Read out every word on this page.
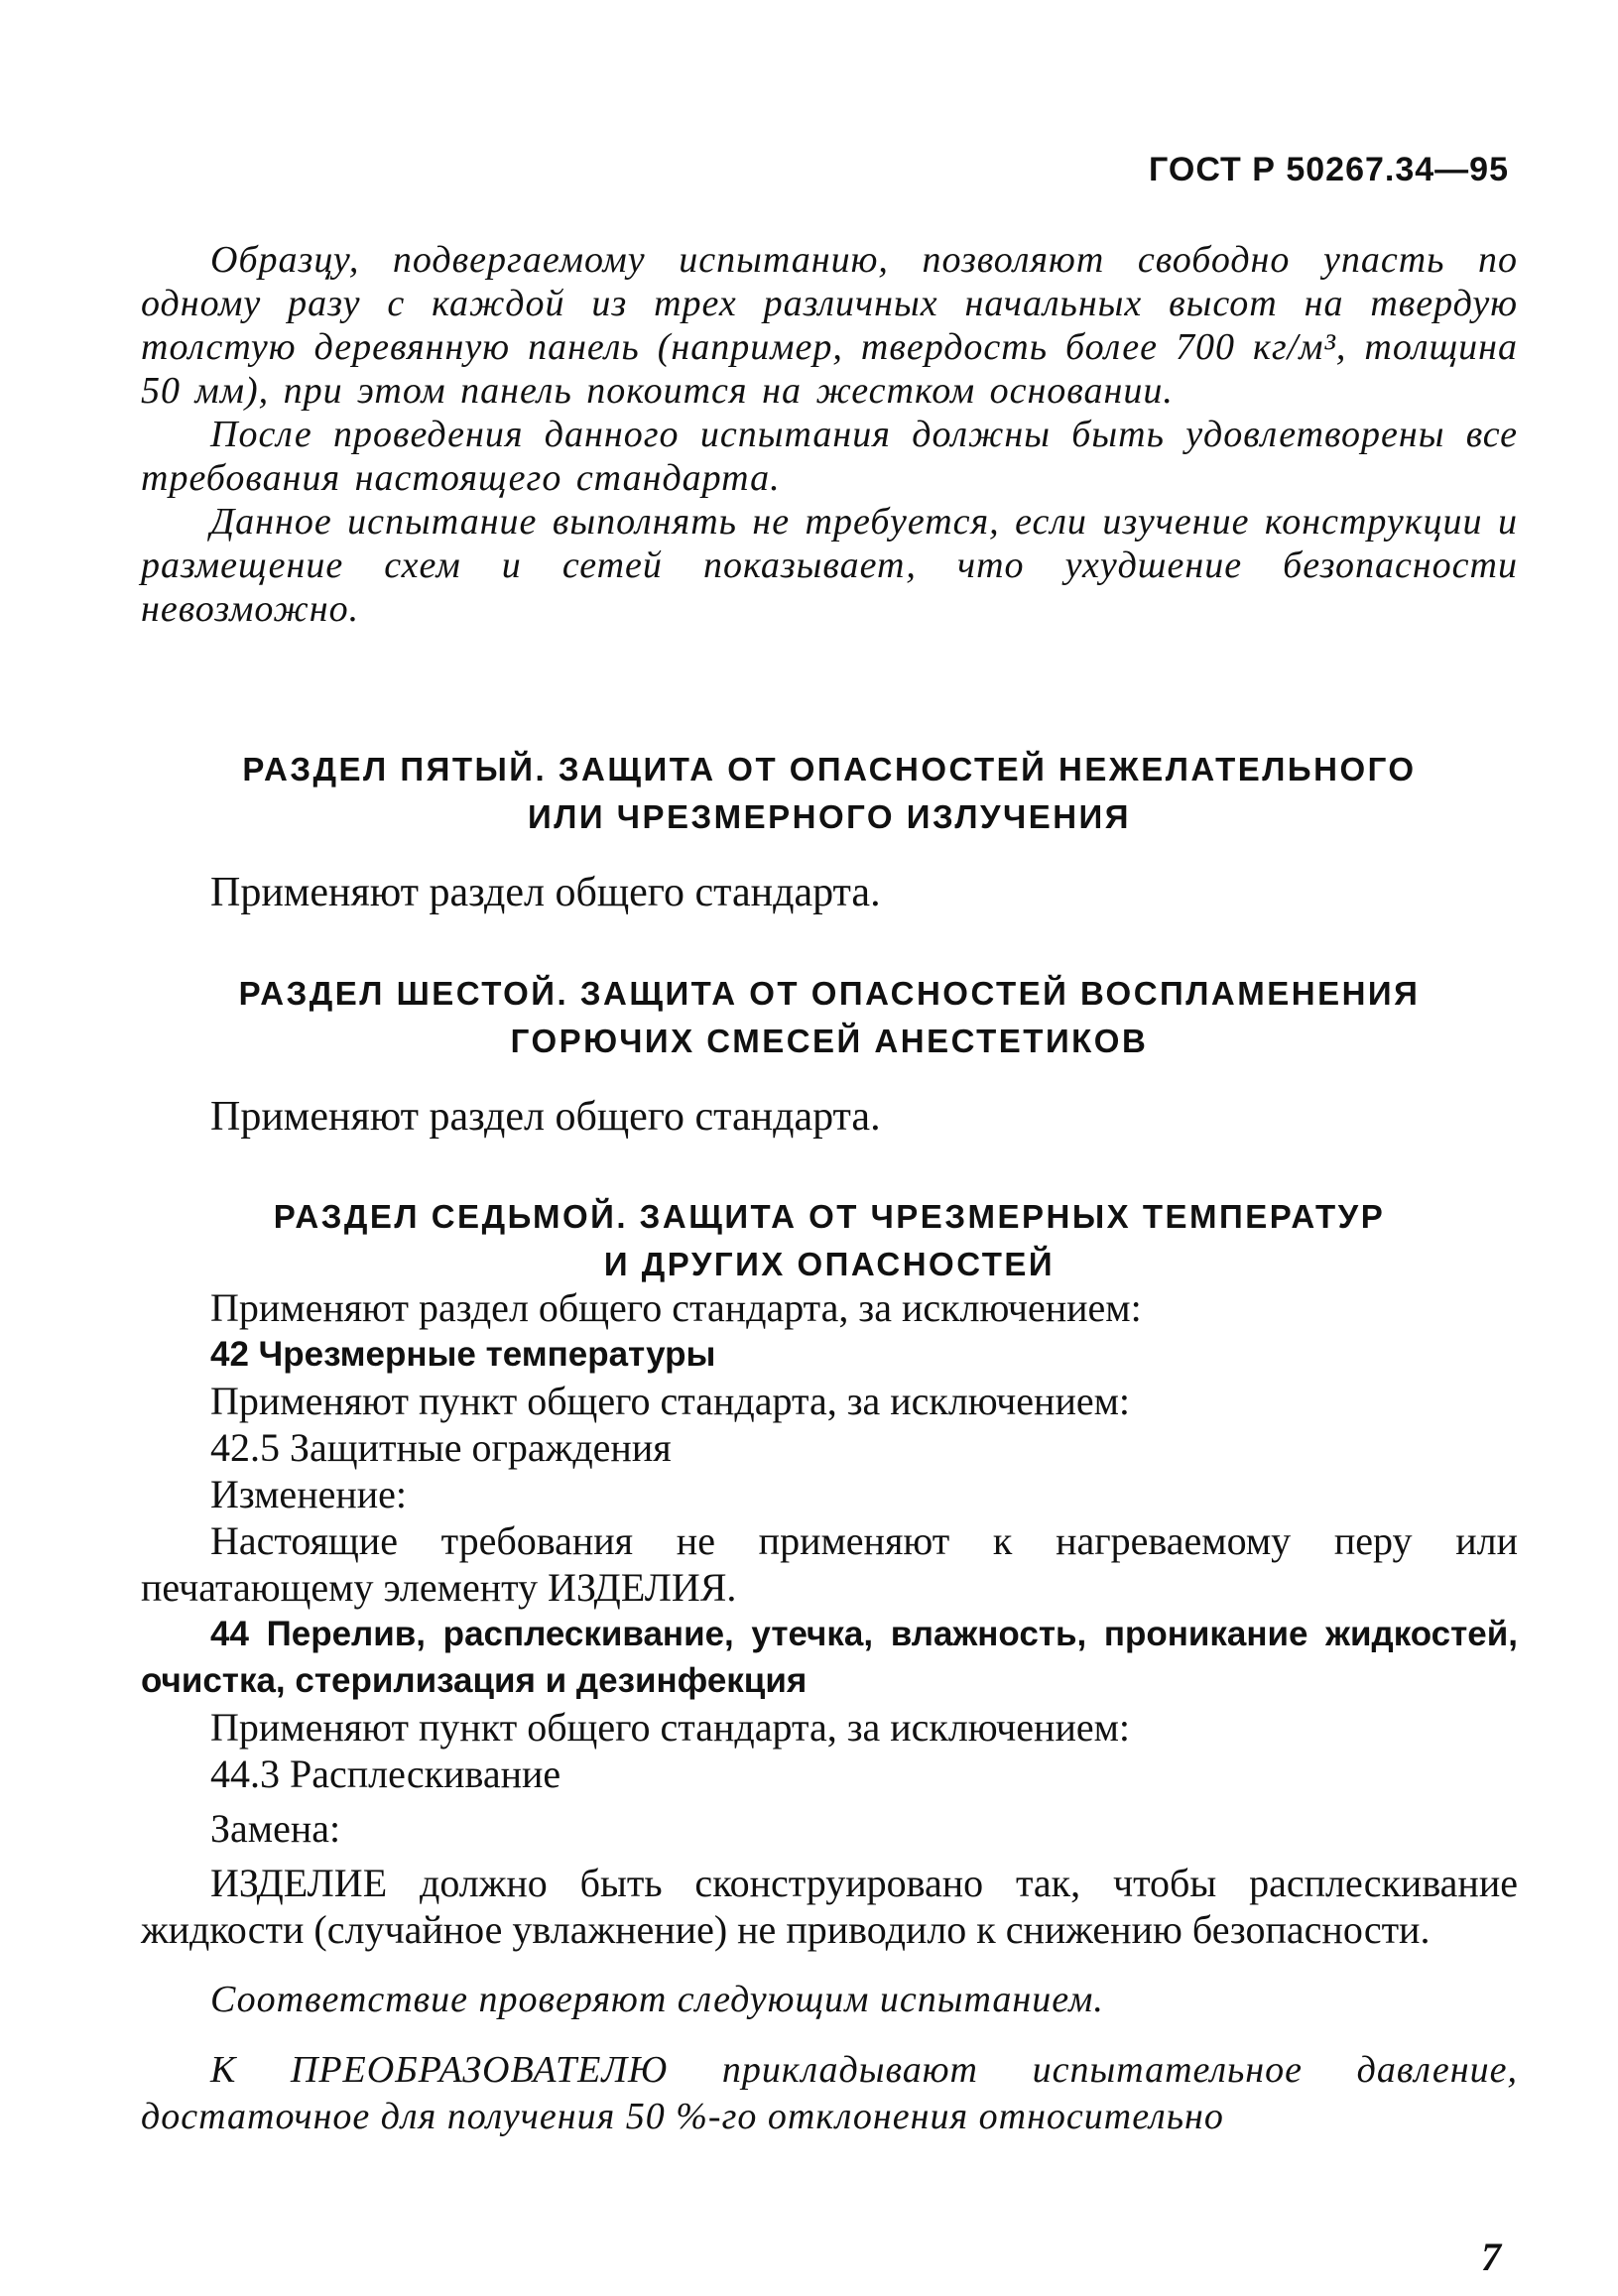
ГОСТ Р 50267.34—95

Образцу, подвергаемому испытанию, позволяют свободно упасть по одному разу с каждой из трех различных начальных высот на твердую толстую деревянную панель (например, твердость более 700 кг/м³, толщина 50 мм), при этом панель покоится на жестком основании.

После проведения данного испытания должны быть удовлетворены все требования настоящего стандарта.

Данное испытание выполнять не требуется, если изучение конструкции и размещение схем и сетей показывает, что ухудшение безопасности невозможно.

РАЗДЕЛ ПЯТЫЙ. ЗАЩИТА ОТ ОПАСНОСТЕЙ НЕЖЕЛАТЕЛЬНОГО
ИЛИ ЧРЕЗМЕРНОГО ИЗЛУЧЕНИЯ
Применяют раздел общего стандарта.
РАЗДЕЛ ШЕСТОЙ. ЗАЩИТА ОТ ОПАСНОСТЕЙ ВОСПЛАМЕНЕНИЯ
ГОРЮЧИХ СМЕСЕЙ АНЕСТЕТИКОВ
Применяют раздел общего стандарта.
РАЗДЕЛ СЕДЬМОЙ. ЗАЩИТА ОТ ЧРЕЗМЕРНЫХ ТЕМПЕРАТУР
И ДРУГИХ ОПАСНОСТЕЙ
Применяют раздел общего стандарта, за исключением:
42 Чрезмерные температуры
Применяют пункт общего стандарта, за исключением:
42.5 Защитные ограждения
Изменение:
Настоящие требования не применяют к нагреваемому перу или печатающему элементу ИЗДЕЛИЯ.
44 Перелив, расплескивание, утечка, влажность, проникание жидкостей, очистка, стерилизация и дезинфекция
Применяют пункт общего стандарта, за исключением:
44.3 Расплескивание
Замена:
ИЗДЕЛИЕ должно быть сконструировано так, чтобы расплескивание жидкости (случайное увлажнение) не приводило к снижению безопасности.
Соответствие проверяют следующим испытанием.
К ПРЕОБРАЗОВАТЕЛЮ прикладывают испытательное давление, достаточное для получения 50 %-го отклонения относительно
7
